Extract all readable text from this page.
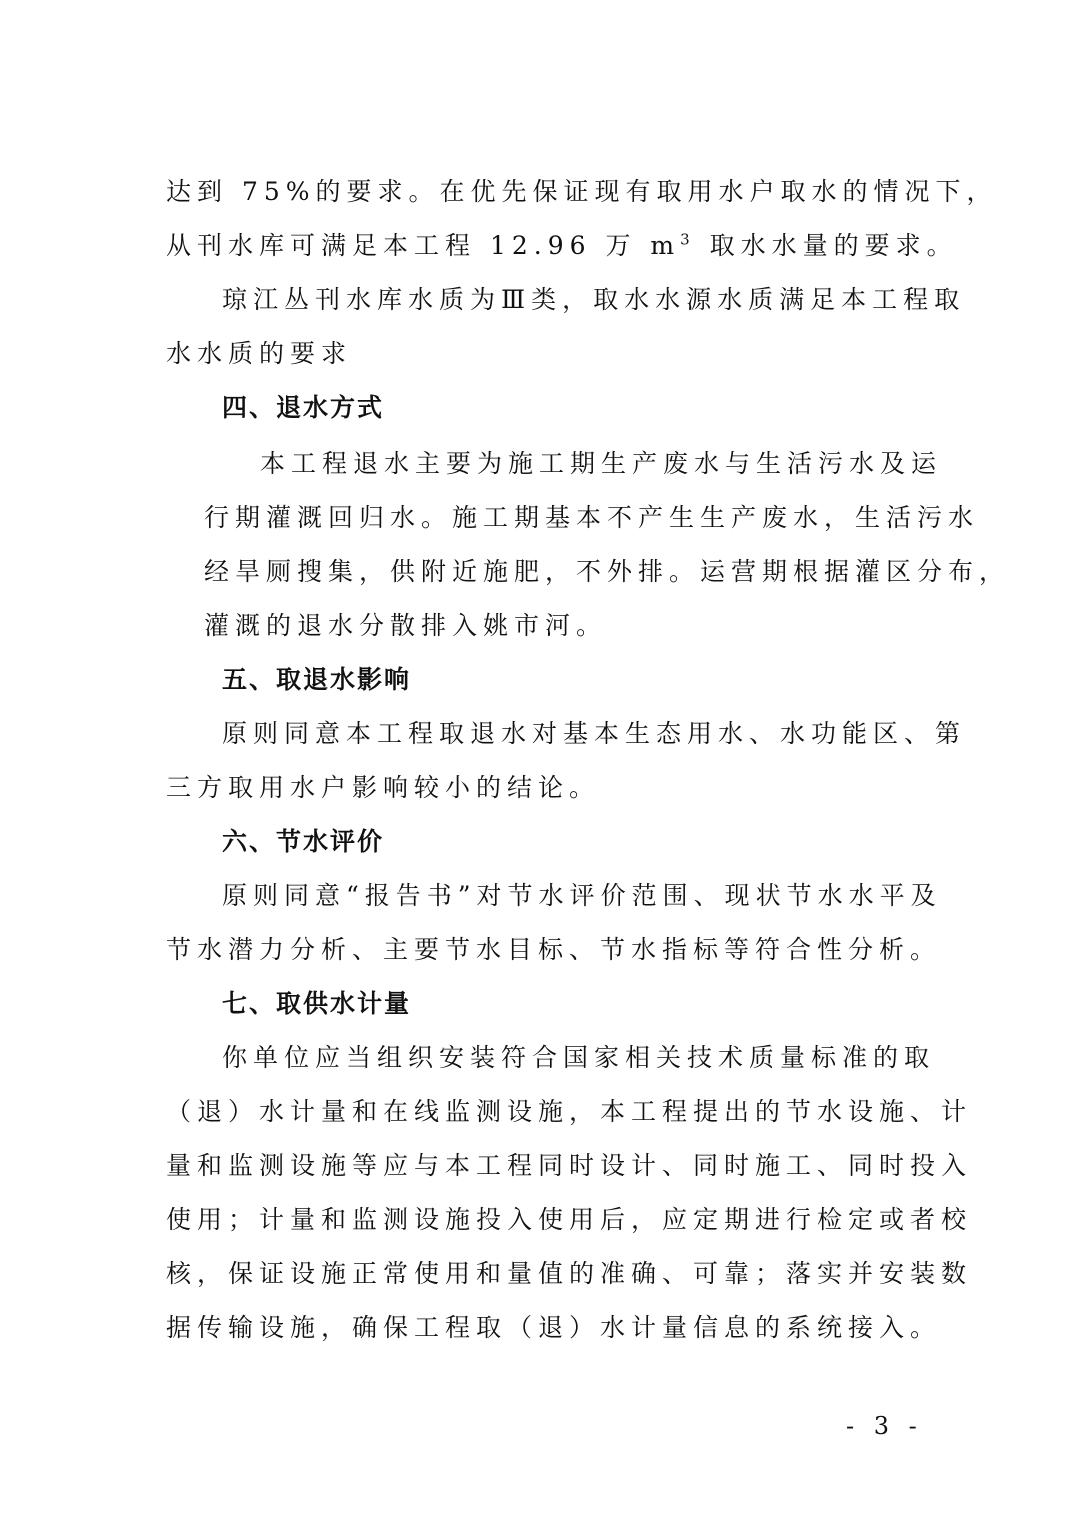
达到 75%的要求。在优先保证现有取用水户取水的情况下，
从刊水库可满足本工程 12.96 万 $m^3$ 取水水量的要求。
琼江丛刊水库水质为Ⅲ类，取水水源水质满足本工程取
水水质的要求
四、退水方式
本工程退水主要为施工期生产废水与生活污水及运
行期灌溉回归水。施工期基本不产生生产废水，生活污水
经旱厕搜集，供附近施肥，不外排。运营期根据灌区分布，
灌溉的退水分散排入姚市河。
五、取退水影响
原则同意本工程取退水对基本生态用水、水功能区、第
三方取用水户影响较小的结论。
六、节水评价
原则同意“报告书”对节水评价范围、现状节水水平及
节水潜力分析、主要节水目标、节水指标等符合性分析。
七、取供水计量
你单位应当组织安装符合国家相关技术质量标准的取
（退）水计量和在线监测设施，本工程提出的节水设施、计
量和监测设施等应与本工程同时设计、同时施工、同时投入
使用；计量和监测设施投入使用后，应定期进行检定或者校
核，保证设施正常使用和量值的准确、可靠；落实并安装数
据传输设施，确保工程取（退）水计量信息的系统接入。
- 3 -
